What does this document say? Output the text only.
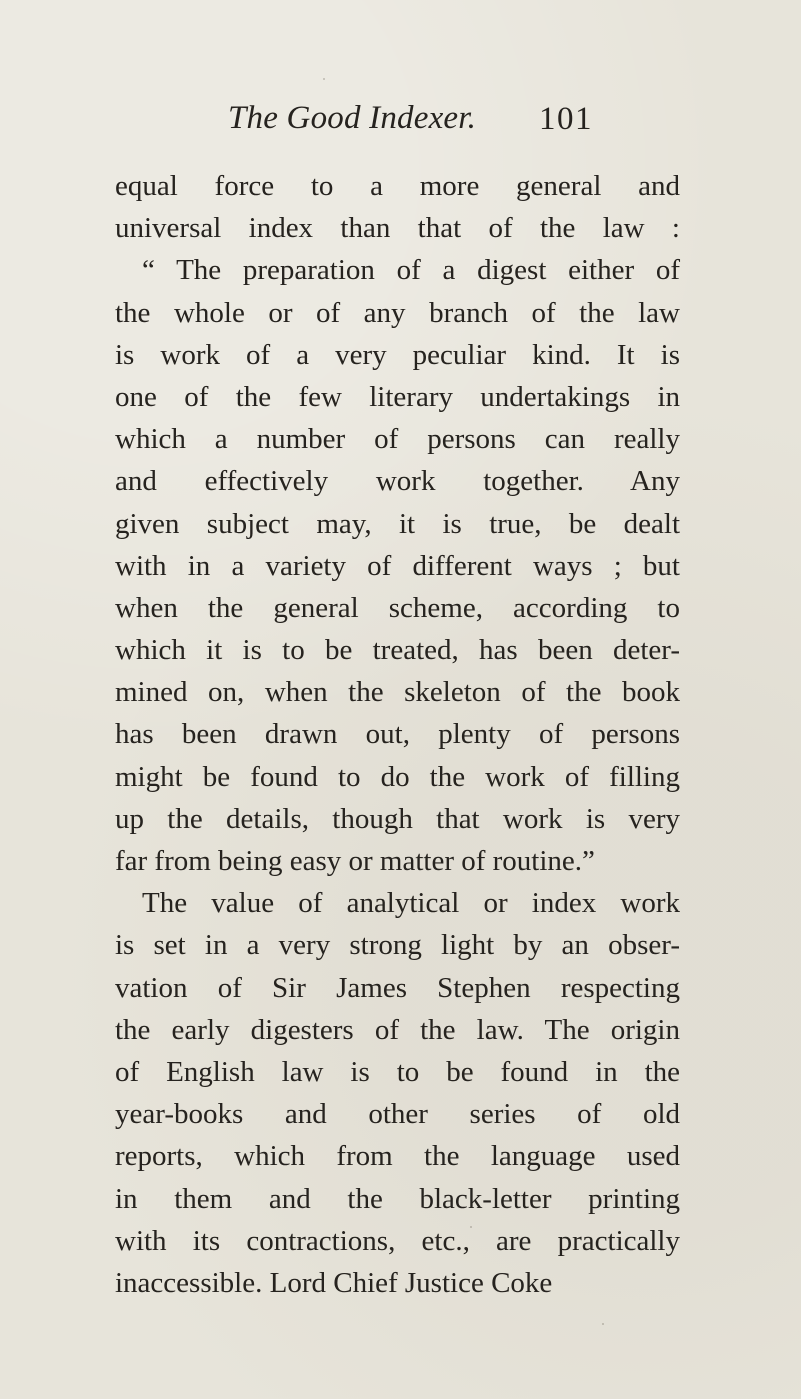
The Good Indexer. 101
equal force to a more general and
universal index than that of the law :
“ The preparation of a digest either of
the whole or of any branch of the law
is work of a very peculiar kind. It is
one of the few literary undertakings in
which a number of persons can really
and effectively work together. Any
given subject may, it is true, be dealt
with in a variety of different ways ; but
when the general scheme, according to
which it is to be treated, has been deter-
mined on, when the skeleton of the book
has been drawn out, plenty of persons
might be found to do the work of filling
up the details, though that work is very
far from being easy or matter of routine.”
The value of analytical or index work
is set in a very strong light by an obser-
vation of Sir James Stephen respecting
the early digesters of the law. The origin
of English law is to be found in the
year-books and other series of old
reports, which from the language used
in them and the black-letter printing
with its contractions, etc., are practically
inaccessible. Lord Chief Justice Coke
